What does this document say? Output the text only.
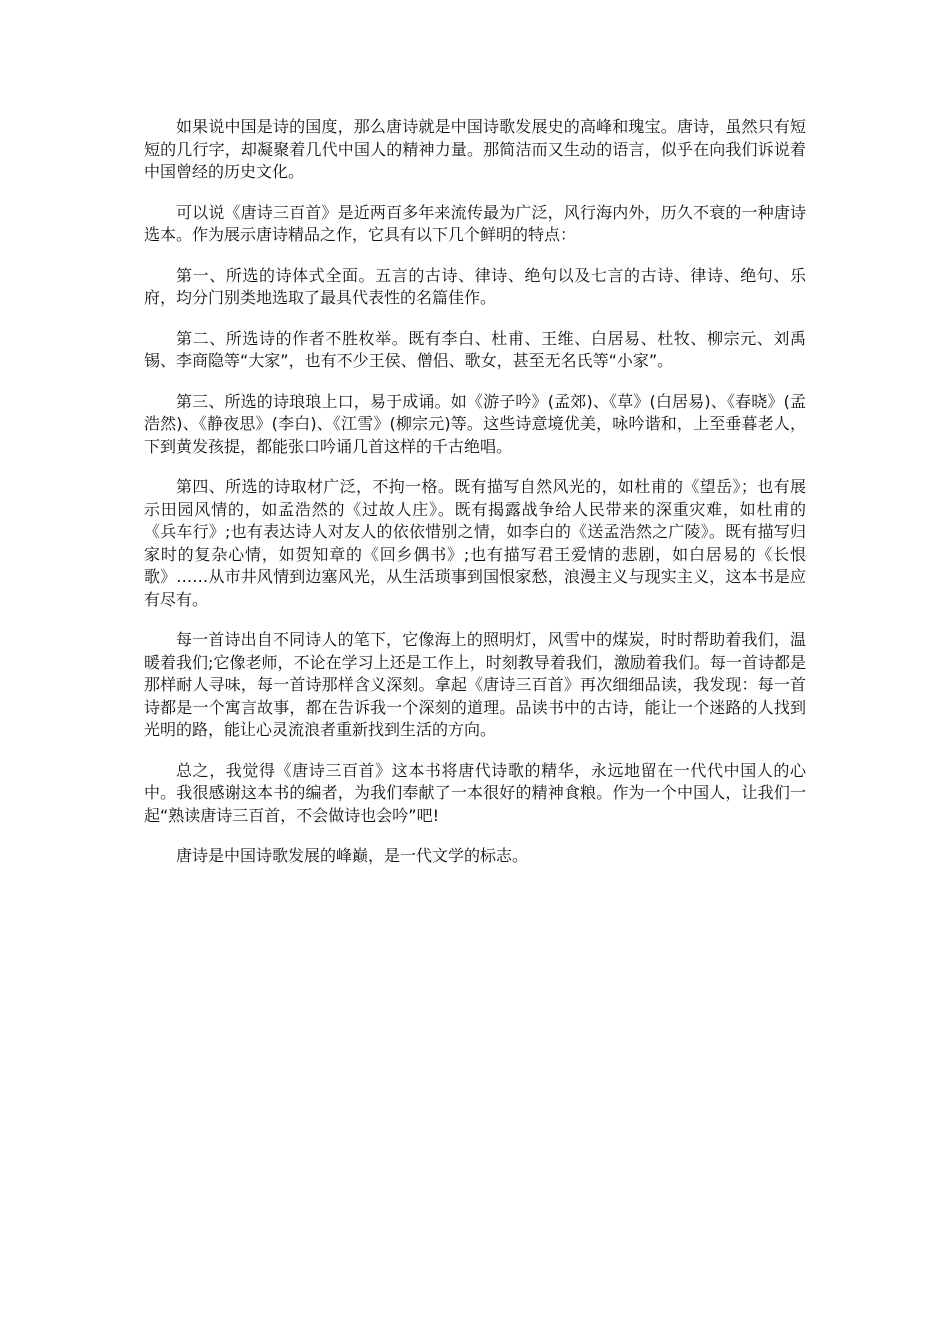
如果说中国是诗的国度，那么唐诗就是中国诗歌发展史的高峰和瑰宝。唐诗，虽然只有短短的几行字，却凝聚着几代中国人的精神力量。那简洁而又生动的语言，似乎在向我们诉说着中国曾经的历史文化。

可以说《唐诗三百首》是近两百多年来流传最为广泛，风行海内外，历久不衰的一种唐诗选本。作为展示唐诗精品之作，它具有以下几个鲜明的特点：

第一、所选的诗体式全面。五言的古诗、律诗、绝句以及七言的古诗、律诗、绝句、乐府，均分门别类地选取了最具代表性的名篇佳作。

第二、所选诗的作者不胜枚举。既有李白、杜甫、王维、白居易、杜牧、柳宗元、刘禹锡、李商隐等“大家”，也有不少王侯、僧侣、歌女，甚至无名氏等“小家”。

第三、所选的诗琅琅上口，易于成诵。如《游子吟》(孟郊)、《草》(白居易)、《春晓》(孟浩然)、《静夜思》(李白)、《江雪》(柳宗元)等。这些诗意境优美，咏吟谐和，上至垂暮老人，下到黄发孩提，都能张口吟诵几首这样的千古绝唱。

第四、所选的诗取材广泛，不拘一格。既有描写自然风光的，如杜甫的《望岳》；也有展示田园风情的，如孟浩然的《过故人庄》。既有揭露战争给人民带来的深重灾难，如杜甫的《兵车行》;也有表达诗人对友人的依依惜别之情，如李白的《送孟浩然之广陵》。既有描写归家时的复杂心情，如贺知章的《回乡偶书》;也有描写君王爱情的悲剧，如白居易的《长恨歌》……从市井风情到边塞风光，从生活琐事到国恨家愁，浪漫主义与现实主义，这本书是应有尽有。

每一首诗出自不同诗人的笔下，它像海上的照明灯，风雪中的煤炭，时时帮助着我们，温暖着我们;它像老师，不论在学习上还是工作上，时刻教导着我们，激励着我们。每一首诗都是那样耐人寻味，每一首诗那样含义深刻。拿起《唐诗三百首》再次细细品读，我发现：每一首诗都是一个寓言故事，都在告诉我一个深刻的道理。品读书中的古诗，能让一个迷路的人找到光明的路，能让心灵流浪者重新找到生活的方向。

总之，我觉得《唐诗三百首》这本书将唐代诗歌的精华，永远地留在一代代中国人的心中。我很感谢这本书的编者，为我们奉献了一本很好的精神食粮。作为一个中国人，让我们一起“熟读唐诗三百首，不会做诗也会吟”吧!

唐诗是中国诗歌发展的峰巅，是一代文学的标志。
